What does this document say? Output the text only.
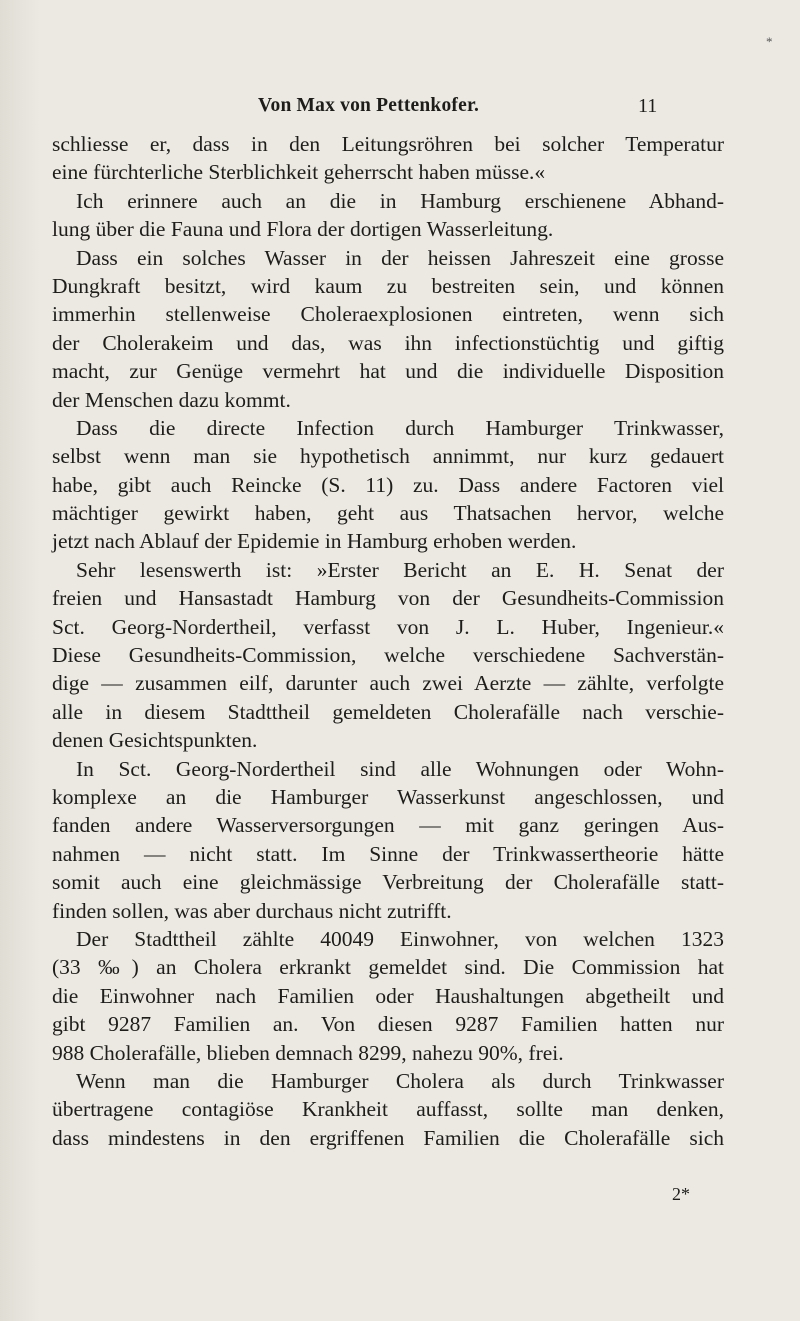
*
Von Max von Pettenkofer.	11
schliesse er, dass in den Leitungsröhren bei solcher Temperatur
eine fürchterliche Sterblichkeit geherrscht haben müsse.«
Ich erinnere auch an die in Hamburg erschienene Abhand-
lung über die Fauna und Flora der dortigen Wasserleitung.
Dass ein solches Wasser in der heissen Jahreszeit eine grosse
Dungkraft besitzt, wird kaum zu bestreiten sein, und können
immerhin stellenweise Choleraexplosionen eintreten, wenn sich
der Cholerakeim und das, was ihn infectionstüchtig und giftig
macht, zur Genüge vermehrt hat und die individuelle Disposition
der Menschen dazu kommt.
Dass die directe Infection durch Hamburger Trinkwasser,
selbst wenn man sie hypothetisch annimmt, nur kurz gedauert
habe, gibt auch Reincke (S. 11) zu. Dass andere Factoren viel
mächtiger gewirkt haben, geht aus Thatsachen hervor, welche
jetzt nach Ablauf der Epidemie in Hamburg erhoben werden.
Sehr lesenswerth ist: »Erster Bericht an E. H. Senat der
freien und Hansastadt Hamburg von der Gesundheits-Commission
Sct. Georg-Nordertheil, verfasst von J. L. Huber, Ingenieur.«
Diese Gesundheits-Commission, welche verschiedene Sachverstän-
dige — zusammen eilf, darunter auch zwei Aerzte — zählte, verfolgte
alle in diesem Stadttheil gemeldeten Cholerafälle nach verschie-
denen Gesichtspunkten.
In Sct. Georg-Nordertheil sind alle Wohnungen oder Wohn-
komplexe an die Hamburger Wasserkunst angeschlossen, und
fanden andere Wasserversorgungen — mit ganz geringen Aus-
nahmen — nicht statt. Im Sinne der Trinkwassertheorie hätte
somit auch eine gleichmässige Verbreitung der Cholerafälle statt-
finden sollen, was aber durchaus nicht zutrifft.
Der Stadttheil zählte 40049 Einwohner, von welchen 1323
(33 ‰) an Cholera erkrankt gemeldet sind. Die Commission hat
die Einwohner nach Familien oder Haushaltungen abgetheilt und
gibt 9287 Familien an. Von diesen 9287 Familien hatten nur
988 Cholerafälle, blieben demnach 8299, nahezu 90%, frei.
Wenn man die Hamburger Cholera als durch Trinkwasser
übertragene contagiöse Krankheit auffasst, sollte man denken,
dass mindestens in den ergriffenen Familien die Cholerafälle sich
2*
